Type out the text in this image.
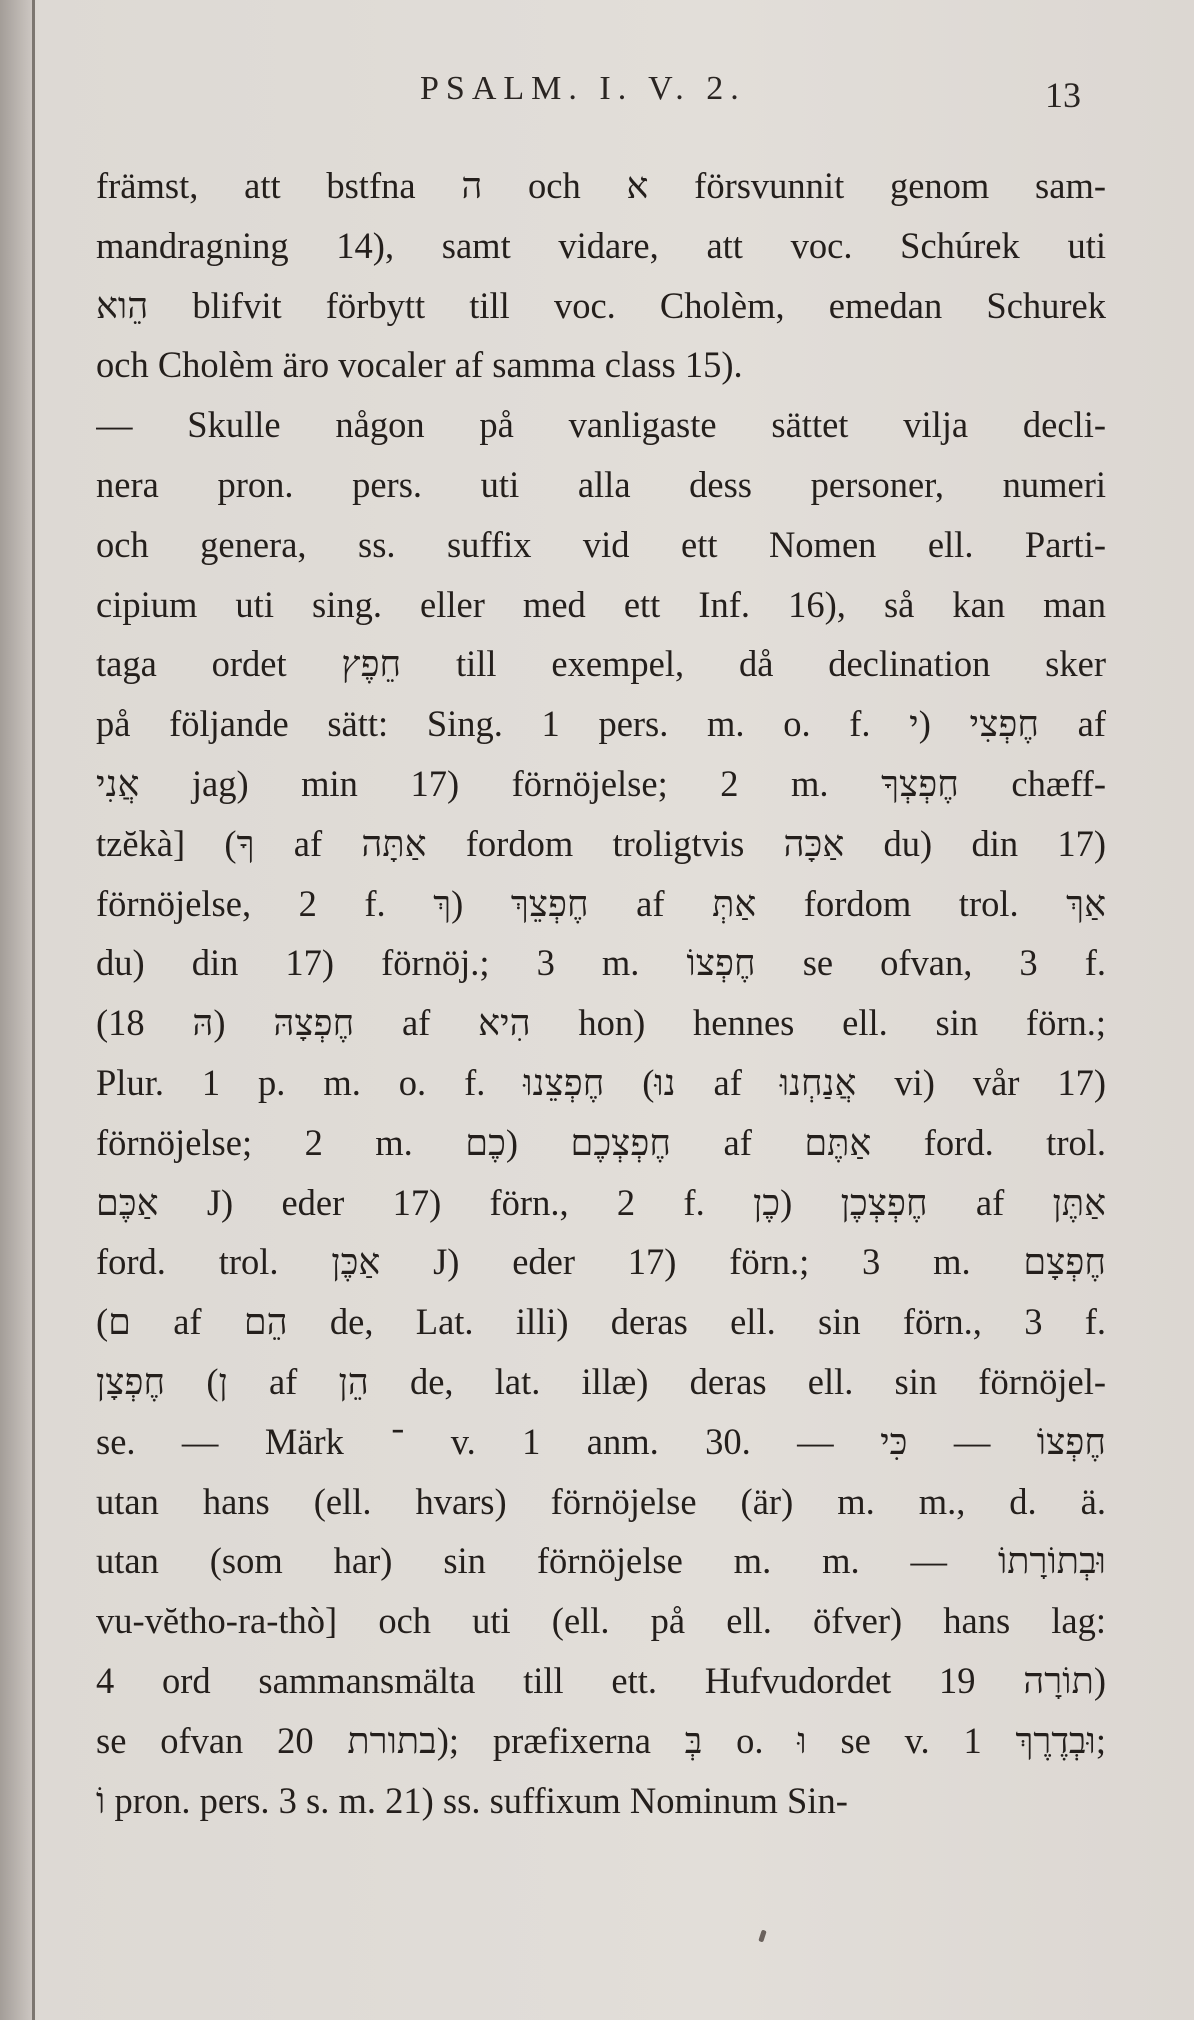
PSALM. I. V. 2.	13
främst, att bstfna ה och א försvunnit genom sam-
mandragning 14), samt vidare, att voc. Schúrek uti
הֵוא blifvit förbytt till voc. Cholèm, emedan Schurek
och Cholèm äro vocaler af samma class 15).
— Skulle någon på vanligaste sättet vilja decli-
nera pron. pers. uti alla dess personer, numeri
och genera, ss. suffix vid ett Nomen ell. Parti-
cipium uti sing. eller med ett Inf. 16), så kan man
taga ordet חֵפֶץ till exempel, då declination sker
på följande sätt: Sing. 1 pers. m. o. f. חֶפְצִי (י af
אֲנִי jag) min 17) förnöjelse; 2 m. חֶפְצְךָ chæff-
tzĕkà] (ךָ af אַתָּה fordom troligtvis אַכָּה du) din 17)
förnöjelse, 2 f. חֶפְצֵךְ (ךְ af אַתְּ fordom trol. אַךְ
du) din 17) förnöj.; 3 m. חֶפְצוֹ se ofvan, 3 f.
חֶפְצָהּ (הּ 18) af הִיא hon) hennes ell. sin förn.;
Plur. 1 p. m. o. f. חֶפְצֵנוּ (נוּ af אֲנַחְנוּ vi) vår 17)
förnöjelse; 2 m. חֶפְצְכֶם (כֶם af אַתֶּם ford. trol.
אַכֶּם J) eder 17) förn., 2 f. חֶפְצְכֶן (כֶן af אַתֶּן
ford. trol. אַכֶּן J) eder 17) förn.; 3 m. חֶפְצָם
(ם af הֵם de, Lat. illi) deras ell. sin förn., 3 f.
חֶפְצָן (ן af הֵן de, lat. illæ) deras ell. sin förnöjel-
se. — Märk ־ v. 1 anm. 30. — חֶפְצוֹ — כִּי
utan hans (ell. hvars) förnöjelse (är) m. m., d. ä.
utan (som har) sin förnöjelse m. m. — וּבְתוֹרָתוֹ
vu-vĕtho-ra-thò] och uti (ell. på ell. öfver) hans lag:
4 ord sammansmälta till ett. Hufvudordet תוֹרָה 19)
se ofvan בתורת 20); præfixerna בְּ o. וּ se v. 1 וּבְדֶרֶךְ;
וֹ pron. pers. 3 s. m. 21) ss. suffixum Nominum Sin-
